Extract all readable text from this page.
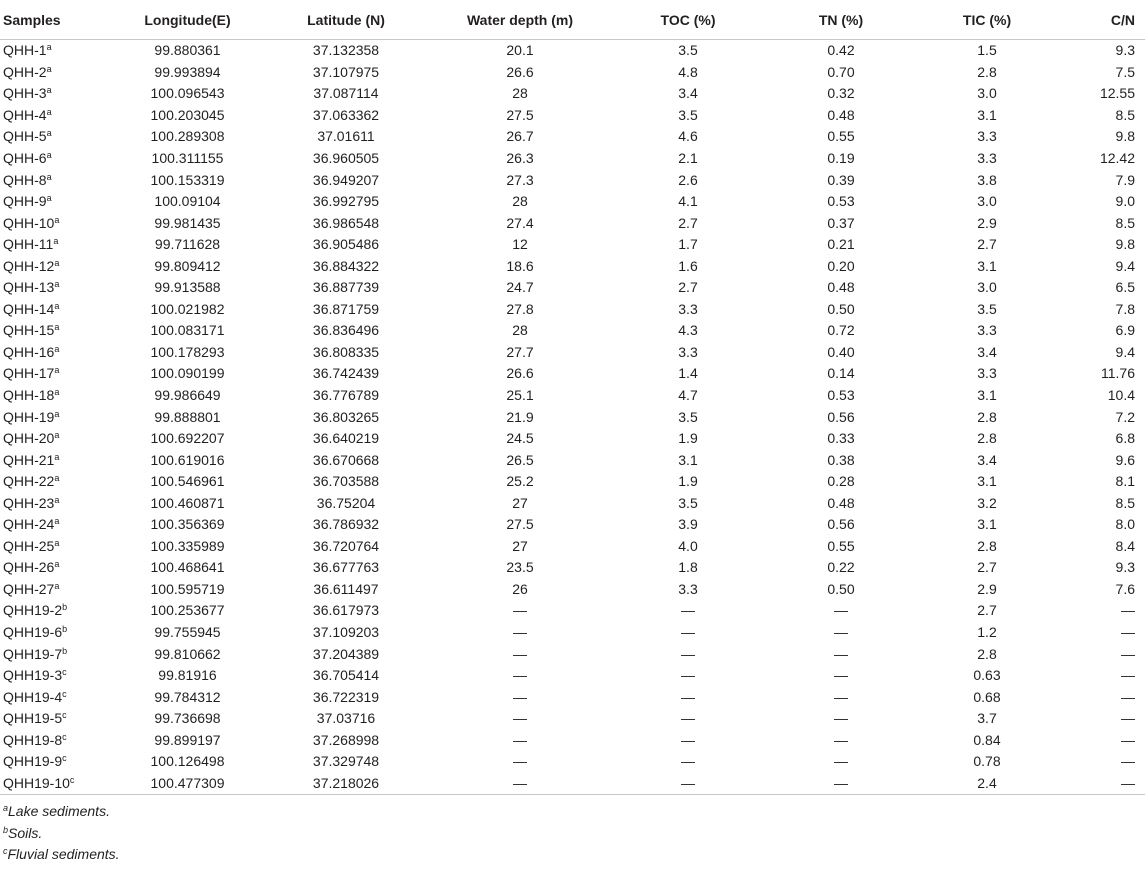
Samples	Longitude(E)	Latitude (N)	Water depth (m)	TOC (%)	TN (%)	TIC (%)	C/N
QHH-1$^a$	99.880361	37.132358	20.1	3.5	0.42	1.5	9.3
QHH-2$^a$	99.993894	37.107975	26.6	4.8	0.70	2.8	7.5
QHH-3$^a$	100.096543	37.087114	28	3.4	0.32	3.0	12.55
QHH-4$^a$	100.203045	37.063362	27.5	3.5	0.48	3.1	8.5
QHH-5$^a$	100.289308	37.01611	26.7	4.6	0.55	3.3	9.8
QHH-6$^a$	100.311155	36.960505	26.3	2.1	0.19	3.3	12.42
QHH-8$^a$	100.153319	36.949207	27.3	2.6	0.39	3.8	7.9
QHH-9$^a$	100.09104	36.992795	28	4.1	0.53	3.0	9.0
QHH-10$^a$	99.981435	36.986548	27.4	2.7	0.37	2.9	8.5
QHH-11$^a$	99.711628	36.905486	12	1.7	0.21	2.7	9.8
QHH-12$^a$	99.809412	36.884322	18.6	1.6	0.20	3.1	9.4
QHH-13$^a$	99.913588	36.887739	24.7	2.7	0.48	3.0	6.5
QHH-14$^a$	100.021982	36.871759	27.8	3.3	0.50	3.5	7.8
QHH-15$^a$	100.083171	36.836496	28	4.3	0.72	3.3	6.9
QHH-16$^a$	100.178293	36.808335	27.7	3.3	0.40	3.4	9.4
QHH-17$^a$	100.090199	36.742439	26.6	1.4	0.14	3.3	11.76
QHH-18$^a$	99.986649	36.776789	25.1	4.7	0.53	3.1	10.4
QHH-19$^a$	99.888801	36.803265	21.9	3.5	0.56	2.8	7.2
QHH-20$^a$	100.692207	36.640219	24.5	1.9	0.33	2.8	6.8
QHH-21$^a$	100.619016	36.670668	26.5	3.1	0.38	3.4	9.6
QHH-22$^a$	100.546961	36.703588	25.2	1.9	0.28	3.1	8.1
QHH-23$^a$	100.460871	36.75204	27	3.5	0.48	3.2	8.5
QHH-24$^a$	100.356369	36.786932	27.5	3.9	0.56	3.1	8.0
QHH-25$^a$	100.335989	36.720764	27	4.0	0.55	2.8	8.4
QHH-26$^a$	100.468641	36.677763	23.5	1.8	0.22	2.7	9.3
QHH-27$^a$	100.595719	36.611497	26	3.3	0.50	2.9	7.6
QHH19-2$^b$	100.253677	36.617973	—	—	—	2.7	—
QHH19-6$^b$	99.755945	37.109203	—	—	—	1.2	—
QHH19-7$^b$	99.810662	37.204389	—	—	—	2.8	—
QHH19-3$^c$	99.81916	36.705414	—	—	—	0.63	—
QHH19-4$^c$	99.784312	36.722319	—	—	—	0.68	—
QHH19-5$^c$	99.736698	37.03716	—	—	—	3.7	—
QHH19-8$^c$	99.899197	37.268998	—	—	—	0.84	—
QHH19-9$^c$	100.126498	37.329748	—	—	—	0.78	—
QHH19-10$^c$	100.477309	37.218026	—	—	—	2.4	—
$^a$Lake sediments.
$^b$Soils.
$^c$Fluvial sediments.
